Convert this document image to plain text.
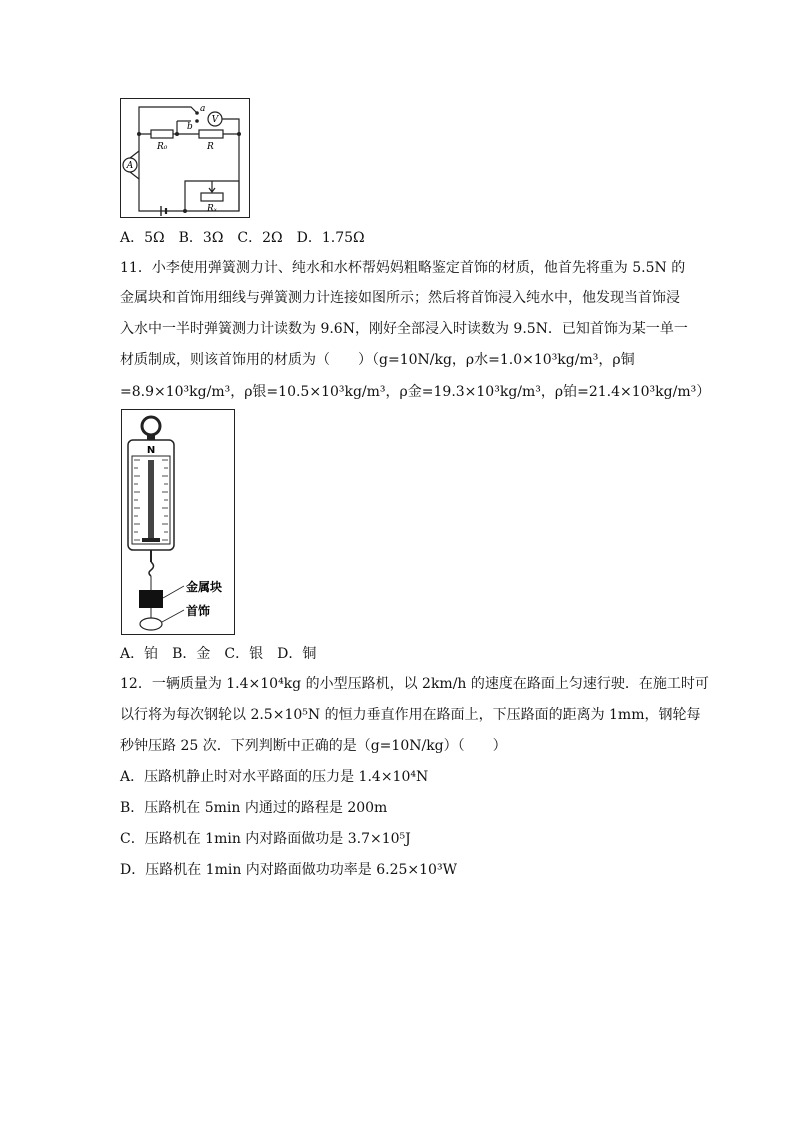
V
A
R₀	R
Rₓ
a
b
A．5Ω　B．3Ω　C．2Ω　D．1.75Ω
11．小李使用弹簧测力计、纯水和水杯帮妈妈粗略鉴定首饰的材质，他首先将重为 5.5N 的
金属块和首饰用细线与弹簧测力计连接如图所示；然后将首饰浸入纯水中，他发现当首饰浸
入水中一半时弹簧测力计读数为 9.6N，刚好全部浸入时读数为 9.5N．已知首饰为某一单一
材质制成，则该首饰用的材质为（　　）（g=10N/kg，ρ水=1.0×10³kg/m³，ρ铜
=8.9×10³kg/m³，ρ银=10.5×10³kg/m³，ρ金=19.3×10³kg/m³，ρ铂=21.4×10³kg/m³）
N
金属块
首饰
A．铂　B．金　C．银　D．铜
12．一辆质量为 1.4×10⁴kg 的小型压路机，以 2km/h 的速度在路面上匀速行驶．在施工时可
以行将为每次钢轮以 2.5×10⁵N 的恒力垂直作用在路面上，下压路面的距离为 1mm，钢轮每
秒钟压路 25 次．下列判断中正确的是（g=10N/kg）（　　）
A．压路机静止时对水平路面的压力是 1.4×10⁴N
B．压路机在 5min 内通过的路程是 200m
C．压路机在 1min 内对路面做功是 3.7×10⁵J
D．压路机在 1min 内对路面做功功率是 6.25×10³W
